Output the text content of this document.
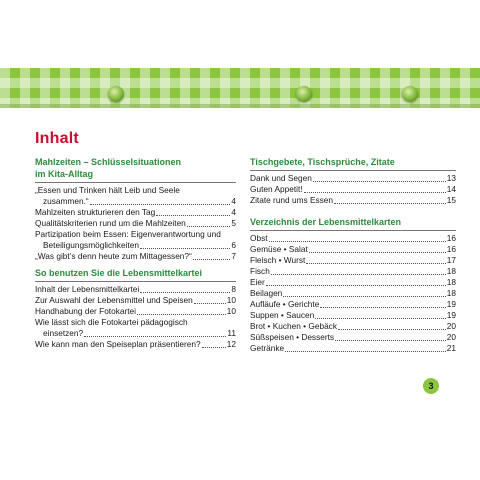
Inhalt
Mahlzeiten – Schlüsselsituationen
im Kita-Alltag
„Essen und Trinken hält Leib und Seele
zusammen.“	4
Mahlzeiten strukturieren den Tag	4
Qualitätskriterien rund um die Mahlzeiten	5
Partizipation beim Essen: Eigenverantwortung und
Beteiligungsmöglichkeiten	6
„Was gibt’s denn heute zum Mittagessen?“	7
So benutzen Sie die Lebensmittelkartei
Inhalt der Lebensmittelkartei	8
Zur Auswahl der Lebensmittel und Speisen	10
Handhabung der Fotokartei	10
Wie lässt sich die Fotokartei pädagogisch
einsetzen?	11
Wie kann man den Speiseplan präsentieren?	12
Tischgebete, Tischsprüche, Zitate
Dank und Segen	13
Guten Appetit!	14
Zitate rund ums Essen	15
Verzeichnis der Lebensmittelkarten
Obst	16
Gemüse • Salat	16
Fleisch • Wurst	17
Fisch	18
Eier	18
Beilagen	18
Aufläufe • Gerichte	19
Suppen • Saucen	19
Brot • Kuchen • Gebäck	20
Süßspeisen • Desserts	20
Getränke	21
3
